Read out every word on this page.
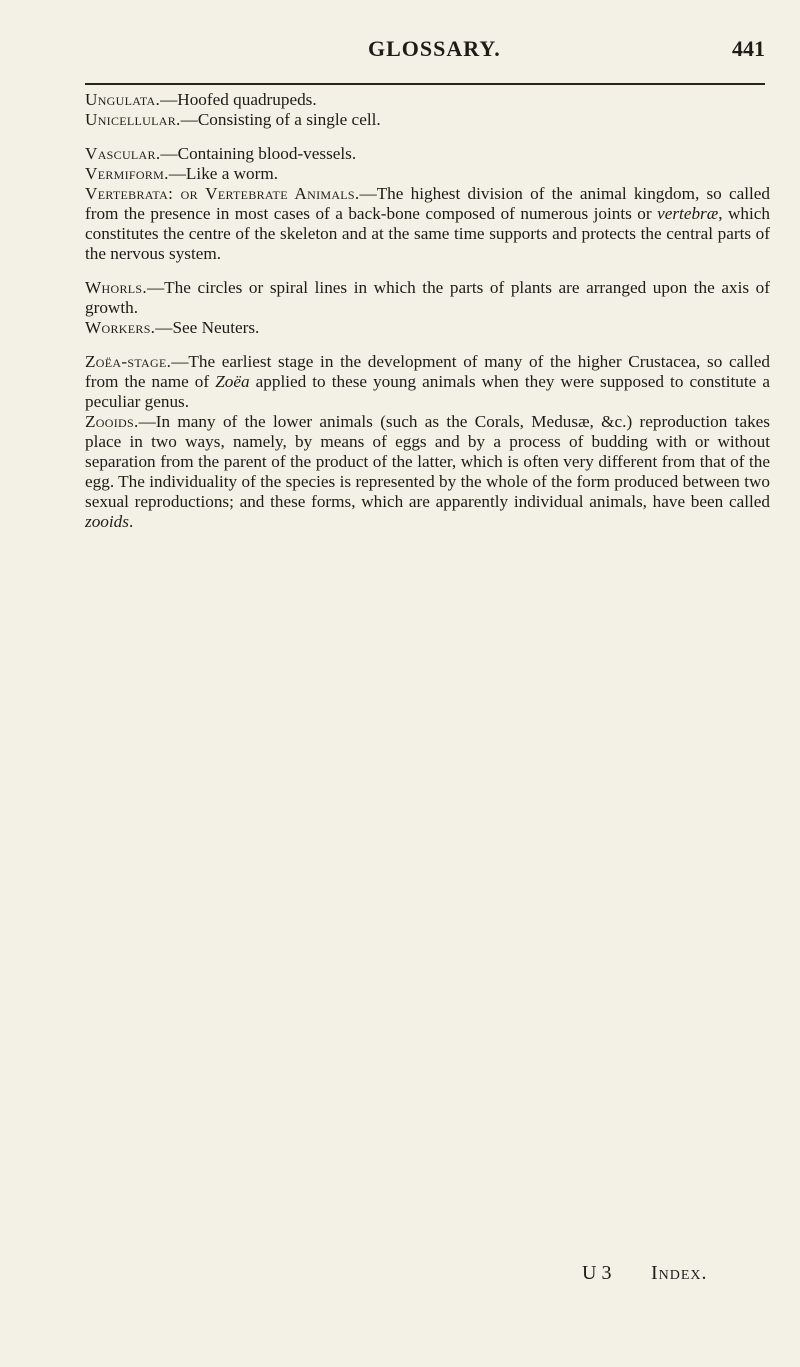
GLOSSARY.	441

Ungulata.—Hoofed quadrupeds.

Unicellular.—Consisting of a single cell.

Vascular.—Containing blood-vessels.

Vermiform.—Like a worm.

Vertebrata: or Vertebrate Animals.—The highest division of the animal kingdom, so called from the presence in most cases of a back-bone composed of numerous joints or vertebræ, which constitutes the centre of the skeleton and at the same time supports and protects the central parts of the nervous system.

Whorls.—The circles or spiral lines in which the parts of plants are arranged upon the axis of growth.

Workers.—See Neuters.

Zoëa-stage.—The earliest stage in the development of many of the higher Crustacea, so called from the name of Zoëa applied to these young animals when they were supposed to constitute a peculiar genus.

Zooids.—In many of the lower animals (such as the Corals, Medusæ, &c.) reproduction takes place in two ways, namely, by means of eggs and by a process of budding with or without separation from the parent of the product of the latter, which is often very different from that of the egg. The individuality of the species is represented by the whole of the form produced between two sexual reproductions; and these forms, which are apparently individual animals, have been called zooids.

U 3 Index.
